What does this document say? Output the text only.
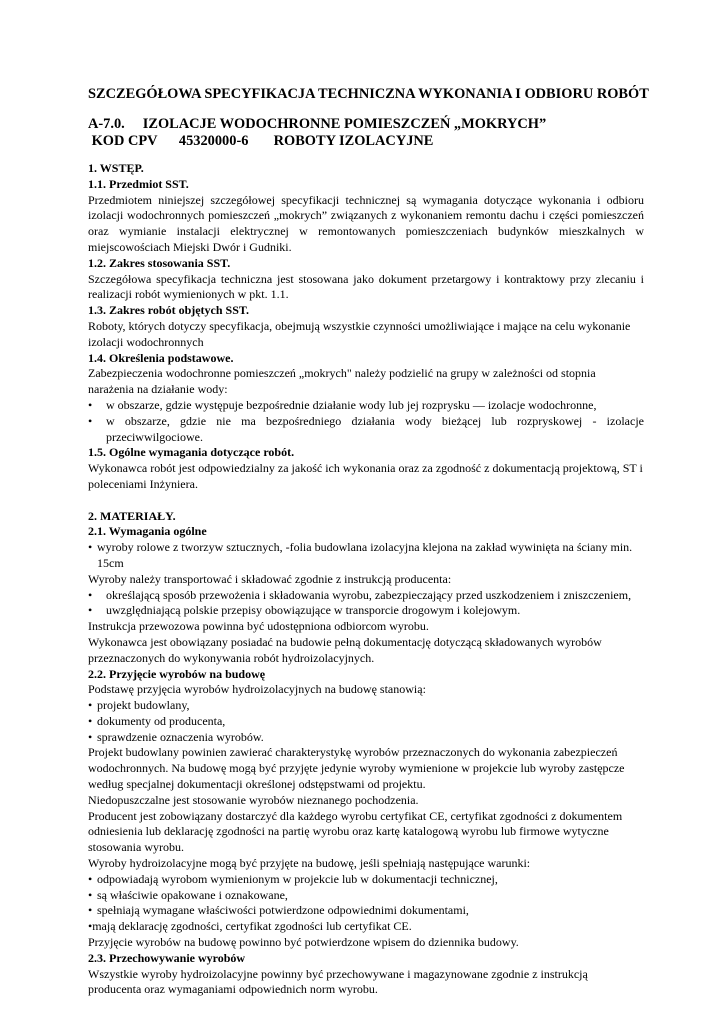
SZCZEGÓŁOWA SPECYFIKACJA TECHNICZNA WYKONANIA I ODBIORU ROBÓT
A-7.0.     IZOLACJE WODOCHRONNE POMIESZCZEŃ „MOKRYCH”
KOD CPV      45320000-6       ROBOTY IZOLACYJNE

1. WSTĘP.

1.1. Przedmiot SST.

Przedmiotem niniejszej szczegółowej specyfikacji technicznej są wymagania dotyczące wykonania i odbioru izolacji wodochronnych pomieszczeń „mokrych” związanych z wykonaniem remontu dachu i części pomieszczeń oraz wymianie instalacji elektrycznej w remontowanych pomieszczeniach budynków mieszkalnych w miejscowościach Miejski Dwór i Gudniki.

1.2. Zakres stosowania SST.

Szczegółowa specyfikacja techniczna jest stosowana jako dokument przetargowy i kontraktowy przy zlecaniu i realizacji robót wymienionych w pkt. 1.1.

1.3. Zakres robót objętych SST.

Roboty, których dotyczy specyfikacja, obejmują wszystkie czynności umożliwiające i mające na celu wykonanie izolacji wodochronnych

1.4. Określenia podstawowe.

Zabezpieczenia wodochronne pomieszczeń „mokrych" należy podzielić na grupy w zależności od stopnia narażenia na działanie wody:

•	w obszarze, gdzie występuje bezpośrednie działanie wody lub jej rozprysku — izolacje wodochronne,
•	w obszarze, gdzie nie ma bezpośredniego działania wody bieżącej lub rozpryskowej - izolacje przeciwwilgociowe.

1.5. Ogólne wymagania dotyczące robót.

Wykonawca robót jest odpowiedzialny za jakość ich wykonania oraz za zgodność z dokumentacją projektową, ST i poleceniami Inżyniera.

2. MATERIAŁY.

2.1. Wymagania ogólne

• wyroby rolowe z tworzyw sztucznych, -folia budowlana izolacyjna klejona na zakład wywinięta na ściany min. 15cm

Wyroby należy transportować i składować zgodnie z instrukcją producenta:

•	określającą sposób przewożenia i składowania wyrobu, zabezpieczający przed uszkodzeniem i zniszczeniem,
•	uwzględniającą polskie przepisy obowiązujące w transporcie drogowym i kolejowym.

Instrukcja przewozowa powinna być udostępniona odbiorcom wyrobu.

Wykonawca jest obowiązany posiadać na budowie pełną dokumentację dotyczącą składowanych wyrobów przeznaczonych do wykonywania robót hydroizolacyjnych.

2.2. Przyjęcie wyrobów na budowę

Podstawę przyjęcia wyrobów hydroizolacyjnych na budowę stanowią:

• projekt budowlany,
• dokumenty od producenta,
• sprawdzenie oznaczenia wyrobów.

Projekt budowlany powinien zawierać charakterystykę wyrobów przeznaczonych do wykonania zabezpieczeń wodochronnych. Na budowę mogą być przyjęte jedynie wyroby wymienione w projekcie lub wyroby zastępcze według specjalnej dokumentacji określonej odstępstwami od projektu.

Niedopuszczalne jest stosowanie wyrobów nieznanego pochodzenia.

Producent jest zobowiązany dostarczyć dla każdego wyrobu certyfikat CE, certyfikat zgodności z dokumentem odniesienia lub deklarację zgodności na partię wyrobu oraz kartę katalogową wyrobu lub firmowe wytyczne stosowania wyrobu.

Wyroby hydroizolacyjne mogą być przyjęte na budowę, jeśli spełniają następujące warunki:

• odpowiadają wyrobom wymienionym w projekcie lub w dokumentacji technicznej,
• są właściwie opakowane i oznakowane,
• spełniają wymagane właściwości potwierdzone odpowiednimi dokumentami,

•mają deklarację zgodności, certyfikat zgodności lub certyfikat CE.

Przyjęcie wyrobów na budowę powinno być potwierdzone wpisem do dziennika budowy.

2.3. Przechowywanie wyrobów

Wszystkie wyroby hydroizolacyjne powinny być przechowywane i magazynowane zgodnie z instrukcją producenta oraz wymaganiami odpowiednich norm wyrobu.
